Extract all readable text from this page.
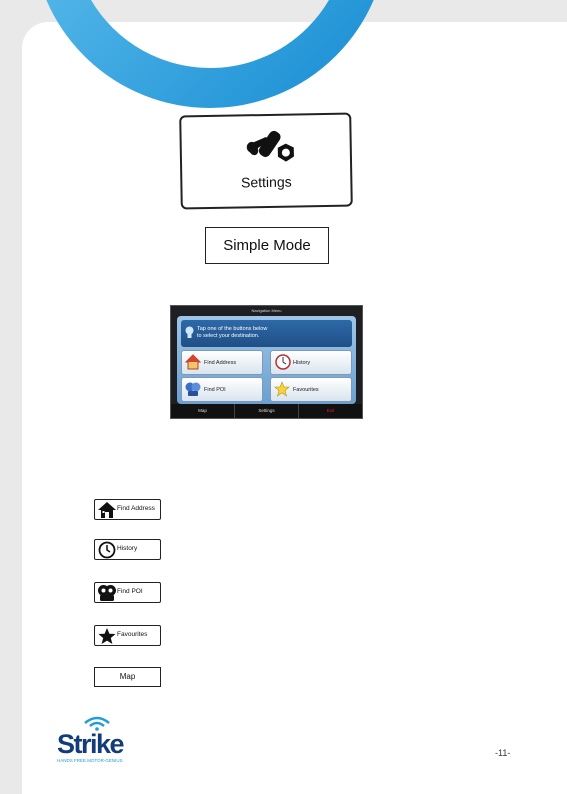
Settings
Simple Mode
Navigation Menu
Tap one of the buttons below
to select your destination.
Find Address	History
Find POI	Favourites
Map	Settings	Exit
Find Address
History
Find POI
Favourites
Map
Strike
HANDS FREE MOTOR-GENIUS
-11-
